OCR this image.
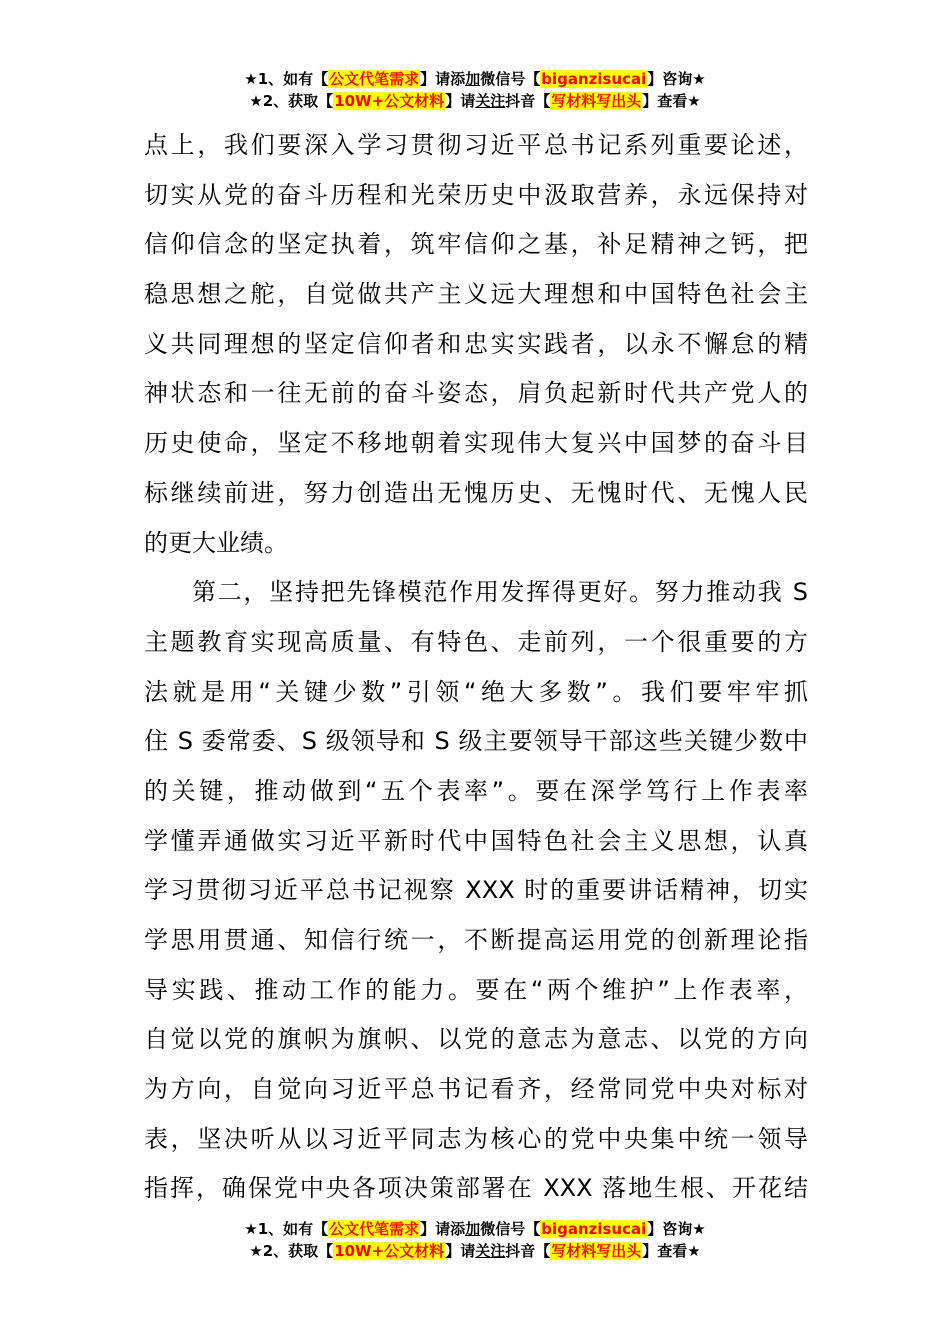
★1、如有【公文代笔需求】请添加微信号【biganzisucai】咨询★
★2、获取【10W+公文材料】请关注抖音【写材料写出头】查看★
点上，我们要深入学习贯彻习近平总书记系列重要论述，
切实从党的奋斗历程和光荣历史中汲取营养，永远保持对
信仰信念的坚定执着，筑牢信仰之基，补足精神之钙，把
稳思想之舵，自觉做共产主义远大理想和中国特色社会主
义共同理想的坚定信仰者和忠实实践者，以永不懈怠的精
神状态和一往无前的奋斗姿态，肩负起新时代共产党人的
历史使命，坚定不移地朝着实现伟大复兴中国梦的奋斗目
标继续前进，努力创造出无愧历史、无愧时代、无愧人民
的更大业绩。
第二，坚持把先锋模范作用发挥得更好。努力推动我 S
主题教育实现高质量、有特色、走前列，一个很重要的方
法就是用“关键少数”引领“绝大多数”。我们要牢牢抓
住 S 委常委、S 级领导和 S 级主要领导干部这些关键少数中
的关键，推动做到“五个表率”。要在深学笃行上作表率
学懂弄通做实习近平新时代中国特色社会主义思想，认真
学习贯彻习近平总书记视察 XXX 时的重要讲话精神，切实
学思用贯通、知信行统一，不断提高运用党的创新理论指
导实践、推动工作的能力。要在“两个维护”上作表率，
自觉以党的旗帜为旗帜、以党的意志为意志、以党的方向
为方向，自觉向习近平总书记看齐，经常同党中央对标对
表，坚决听从以习近平同志为核心的党中央集中统一领导
指挥，确保党中央各项决策部署在 XXX 落地生根、开花结
★1、如有【公文代笔需求】请添加微信号【biganzisucai】咨询★
★2、获取【10W+公文材料】请关注抖音【写材料写出头】查看★
